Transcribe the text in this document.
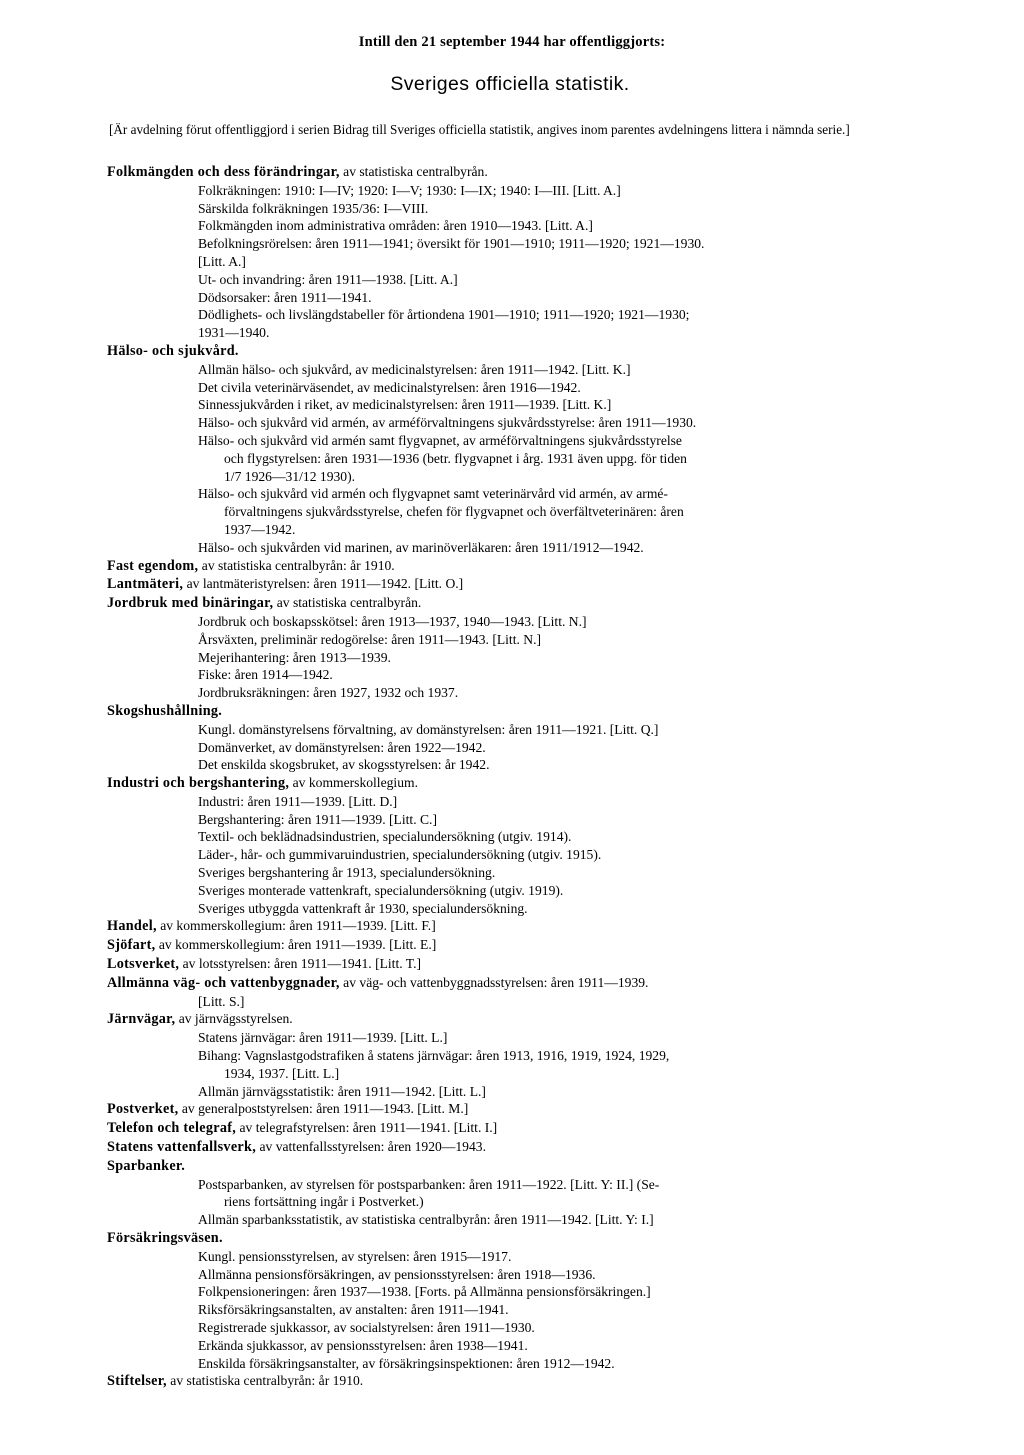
Intill den 21 september 1944 har offentliggjorts:
Sveriges officiella statistik.
[Är avdelning förut offentliggjord i serien Bidrag till Sveriges officiella statistik, angives inom parentes avdelningens littera i nämnda serie.]
Folkmängden och dess förändringar, av statistiska centralbyrån.
Folkräkningen: 1910: I—IV; 1920: I—V; 1930: I—IX; 1940: I—III. [Litt. A.]
Särskilda folkräkningen 1935/36: I—VIII.
Folkmängden inom administrativa områden: åren 1910—1943. [Litt. A.]
Befolkningsrörelsen: åren 1911—1941; översikt för 1901—1910; 1911—1920; 1921—1930.
[Litt. A.]
Ut- och invandring: åren 1911—1938. [Litt. A.]
Dödsorsaker: åren 1911—1941.
Dödlighets- och livslängdstabeller för årtiondena 1901—1910; 1911—1920; 1921—1930;
1931—1940.
Hälso- och sjukvård.
Allmän hälso- och sjukvård, av medicinalstyrelsen: åren 1911—1942. [Litt. K.]
Det civila veterinärväsendet, av medicinalstyrelsen: åren 1916—1942.
Sinnessjukvården i riket, av medicinalstyrelsen: åren 1911—1939. [Litt. K.]
Hälso- och sjukvård vid armén, av arméförvaltningens sjukvårdsstyrelse: åren 1911—1930.
Hälso- och sjukvård vid armén samt flygvapnet, av arméförvaltningens sjukvårdsstyrelse
och flygstyrelsen: åren 1931—1936 (betr. flygvapnet i årg. 1931 även uppg. för tiden
1/7 1926—31/12 1930).
Hälso- och sjukvård vid armén och flygvapnet samt veterinärvård vid armén, av armé-
förvaltningens sjukvårdsstyrelse, chefen för flygvapnet och överfältveterinären: åren
1937—1942.
Hälso- och sjukvården vid marinen, av marinöverläkaren: åren 1911/1912—1942.
Fast egendom, av statistiska centralbyrån: år 1910.
Lantmäteri, av lantmäteristyrelsen: åren 1911—1942. [Litt. O.]
Jordbruk med binäringar, av statistiska centralbyrån.
Jordbruk och boskapsskötsel: åren 1913—1937, 1940—1943. [Litt. N.]
Årsväxten, preliminär redogörelse: åren 1911—1943. [Litt. N.]
Mejerihantering: åren 1913—1939.
Fiske: åren 1914—1942.
Jordbruksräkningen: åren 1927, 1932 och 1937.
Skogshushållning.
Kungl. domänstyrelsens förvaltning, av domänstyrelsen: åren 1911—1921. [Litt. Q.]
Domänverket, av domänstyrelsen: åren 1922—1942.
Det enskilda skogsbruket, av skogsstyrelsen: år 1942.
Industri och bergshantering, av kommerskollegium.
Industri: åren 1911—1939. [Litt. D.]
Bergshantering: åren 1911—1939. [Litt. C.]
Textil- och beklädnadsindustrien, specialundersökning (utgiv. 1914).
Läder-, hår- och gummivaruindustrien, specialundersökning (utgiv. 1915).
Sveriges bergshantering år 1913, specialundersökning.
Sveriges monterade vattenkraft, specialundersökning (utgiv. 1919).
Sveriges utbyggda vattenkraft år 1930, specialundersökning.
Handel, av kommerskollegium: åren 1911—1939. [Litt. F.]
Sjöfart, av kommerskollegium: åren 1911—1939. [Litt. E.]
Lotsverket, av lotsstyrelsen: åren 1911—1941. [Litt. T.]
Allmänna väg- och vattenbyggnader, av väg- och vattenbyggnadsstyrelsen: åren 1911—1939.
[Litt. S.]
Järnvägar, av järnvägsstyrelsen.
Statens järnvägar: åren 1911—1939. [Litt. L.]
Bihang: Vagnslastgodstrafiken å statens järnvägar: åren 1913, 1916, 1919, 1924, 1929,
1934, 1937. [Litt. L.]
Allmän järnvägsstatistik: åren 1911—1942. [Litt. L.]
Postverket, av generalpoststyrelsen: åren 1911—1943. [Litt. M.]
Telefon och telegraf, av telegrafstyrelsen: åren 1911—1941. [Litt. I.]
Statens vattenfallsverk, av vattenfallsstyrelsen: åren 1920—1943.
Sparbanker.
Postsparbanken, av styrelsen för postsparbanken: åren 1911—1922. [Litt. Y: II.] (Se-
riens fortsättning ingår i Postverket.)
Allmän sparbanksstatistik, av statistiska centralbyrån: åren 1911—1942. [Litt. Y: I.]
Försäkringsväsen.
Kungl. pensionsstyrelsen, av styrelsen: åren 1915—1917.
Allmänna pensionsförsäkringen, av pensionsstyrelsen: åren 1918—1936.
Folkpensioneringen: åren 1937—1938. [Forts. på Allmänna pensionsförsäkringen.]
Riksförsäkringsanstalten, av anstalten: åren 1911—1941.
Registrerade sjukkassor, av socialstyrelsen: åren 1911—1930.
Erkända sjukkassor, av pensionsstyrelsen: åren 1938—1941.
Enskilda försäkringsanstalter, av försäkringsinspektionen: åren 1912—1942.
Stiftelser, av statistiska centralbyrån: år 1910.
